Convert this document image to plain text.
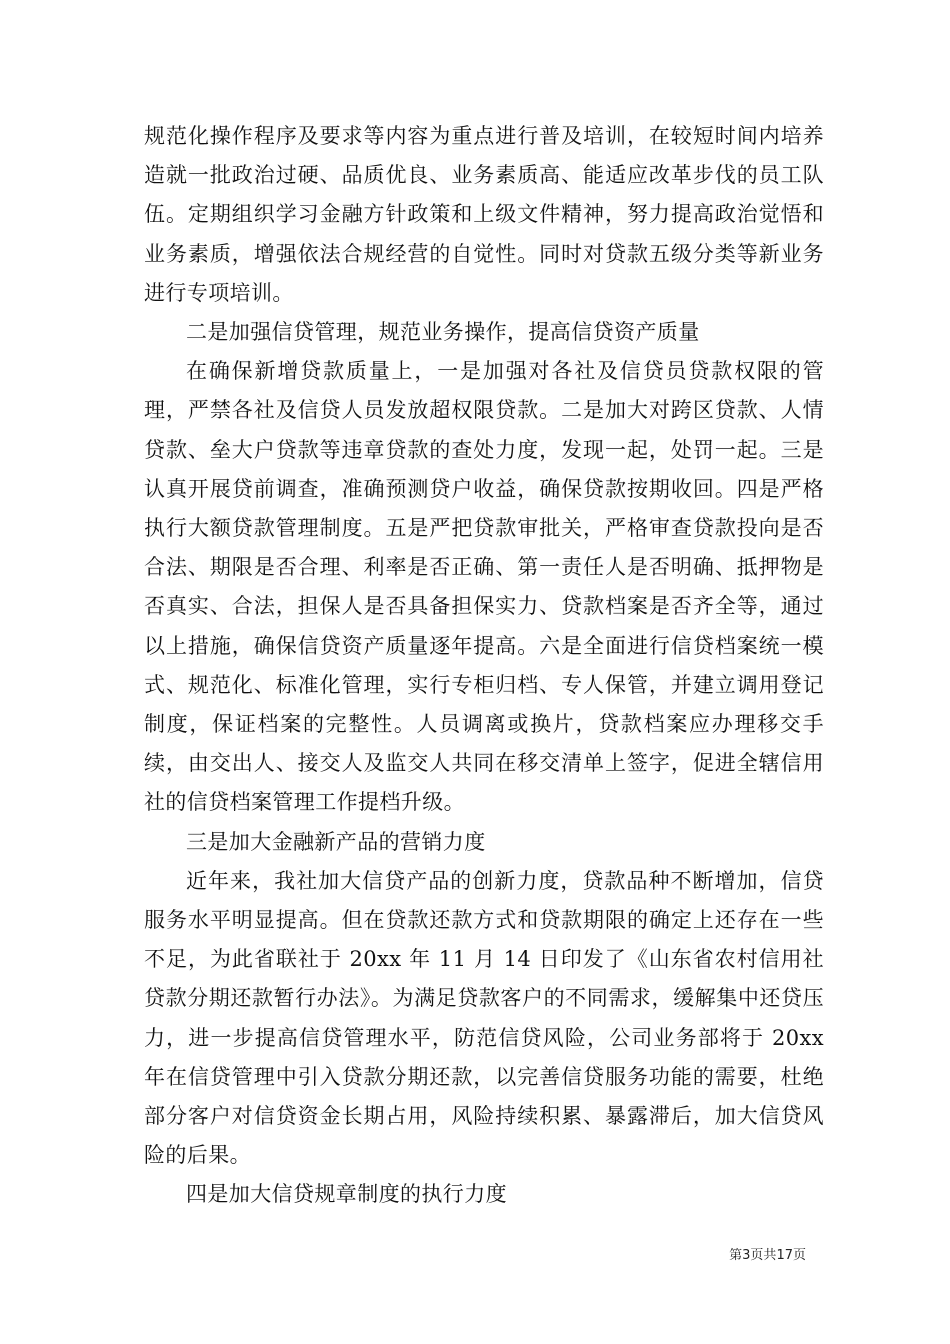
规范化操作程序及要求等内容为重点进行普及培训，在较短时间内培养造就一批政治过硬、品质优良、业务素质高、能适应改革步伐的员工队伍。定期组织学习金融方针政策和上级文件精神，努力提高政治觉悟和业务素质，增强依法合规经营的自觉性。同时对贷款五级分类等新业务进行专项培训。

二是加强信贷管理，规范业务操作，提高信贷资产质量

在确保新增贷款质量上，一是加强对各社及信贷员贷款权限的管理，严禁各社及信贷人员发放超权限贷款。二是加大对跨区贷款、人情贷款、垒大户贷款等违章贷款的查处力度，发现一起，处罚一起。三是认真开展贷前调查，准确预测贷户收益，确保贷款按期收回。四是严格执行大额贷款管理制度。五是严把贷款审批关，严格审查贷款投向是否合法、期限是否合理、利率是否正确、第一责任人是否明确、抵押物是否真实、合法，担保人是否具备担保实力、贷款档案是否齐全等，通过以上措施，确保信贷资产质量逐年提高。六是全面进行信贷档案统一模式、规范化、标准化管理，实行专柜归档、专人保管，并建立调用登记制度，保证档案的完整性。人员调离或换片，贷款档案应办理移交手续，由交出人、接交人及监交人共同在移交清单上签字，促进全辖信用社的信贷档案管理工作提档升级。

三是加大金融新产品的营销力度

近年来，我社加大信贷产品的创新力度，贷款品种不断增加，信贷服务水平明显提高。但在贷款还款方式和贷款期限的确定上还存在一些不足，为此省联社于 20xx 年 11 月 14 日印发了《山东省农村信用社贷款分期还款暂行办法》。为满足贷款客户的不同需求，缓解集中还贷压力，进一步提高信贷管理水平，防范信贷风险，公司业务部将于 20xx 年在信贷管理中引入贷款分期还款，以完善信贷服务功能的需要，杜绝部分客户对信贷资金长期占用，风险持续积累、暴露滞后，加大信贷风险的后果。

四是加大信贷规章制度的执行力度

第3页共17页
